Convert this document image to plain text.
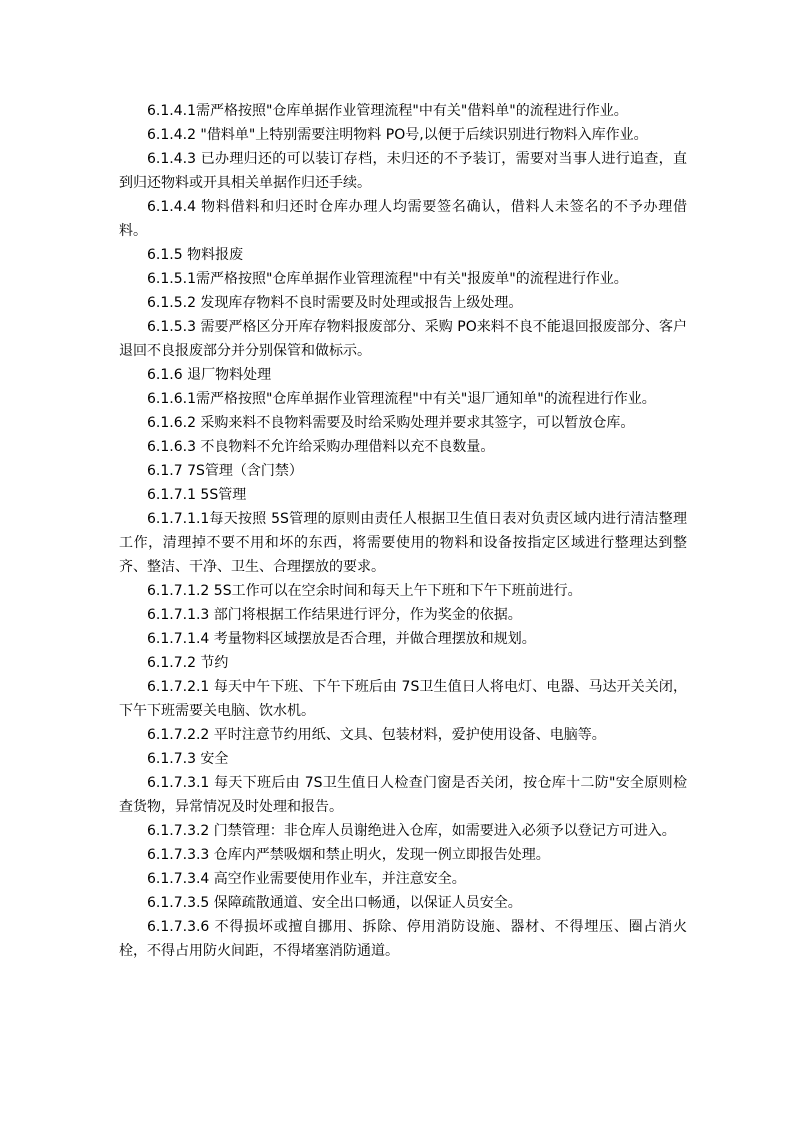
6.1.4.1需严格按照"仓库单据作业管理流程"中有关"借料单"的流程进行作业。

6.1.4.2 "借料单"上特别需要注明物料 PO号,以便于后续识别进行物料入库作业。

6.1.4.3 已办理归还的可以装订存档，未归还的不予装订，需要对当事人进行追查，直到归还物料或开具相关单据作归还手续。

6.1.4.4 物料借料和归还时仓库办理人均需要签名确认，借料人未签名的不予办理借料。

6.1.5 物料报废

6.1.5.1需严格按照"仓库单据作业管理流程"中有关"报废单"的流程进行作业。

6.1.5.2 发现库存物料不良时需要及时处理或报告上级处理。

6.1.5.3 需要严格区分开库存物料报废部分、采购 PO来料不良不能退回报废部分、客户退回不良报废部分并分别保管和做标示。

6.1.6 退厂物料处理

6.1.6.1需严格按照"仓库单据作业管理流程"中有关"退厂通知单"的流程进行作业。

6.1.6.2 采购来料不良物料需要及时给采购处理并要求其签字，可以暂放仓库。

6.1.6.3 不良物料不允许给采购办理借料以充不良数量。

6.1.7 7S管理（含门禁）

6.1.7.1 5S管理

6.1.7.1.1每天按照 5S管理的原则由责任人根据卫生值日表对负责区域内进行清洁整理工作，清理掉不要不用和坏的东西，将需要使用的物料和设备按指定区域进行整理达到整齐、整洁、干净、卫生、合理摆放的要求。

6.1.7.1.2 5S工作可以在空余时间和每天上午下班和下午下班前进行。

6.1.7.1.3 部门将根据工作结果进行评分，作为奖金的依据。

6.1.7.1.4 考量物料区域摆放是否合理，并做合理摆放和规划。

6.1.7.2 节约

6.1.7.2.1 每天中午下班、下午下班后由 7S卫生值日人将电灯、电器、马达开关关闭，下午下班需要关电脑、饮水机。

6.1.7.2.2 平时注意节约用纸、文具、包装材料，爱护使用设备、电脑等。

6.1.7.3 安全

6.1.7.3.1 每天下班后由 7S卫生值日人检查门窗是否关闭，按仓库十二防"安全原则检查货物，异常情况及时处理和报告。

6.1.7.3.2 门禁管理：非仓库人员谢绝进入仓库，如需要进入必须予以登记方可进入。

6.1.7.3.3 仓库内严禁吸烟和禁止明火，发现一例立即报告处理。

6.1.7.3.4 高空作业需要使用作业车，并注意安全。

6.1.7.3.5 保障疏散通道、安全出口畅通，以保证人员安全。

6.1.7.3.6 不得损坏或擅自挪用、拆除、停用消防设施、器材、不得埋压、圈占消火栓，不得占用防火间距，不得堵塞消防通道。
